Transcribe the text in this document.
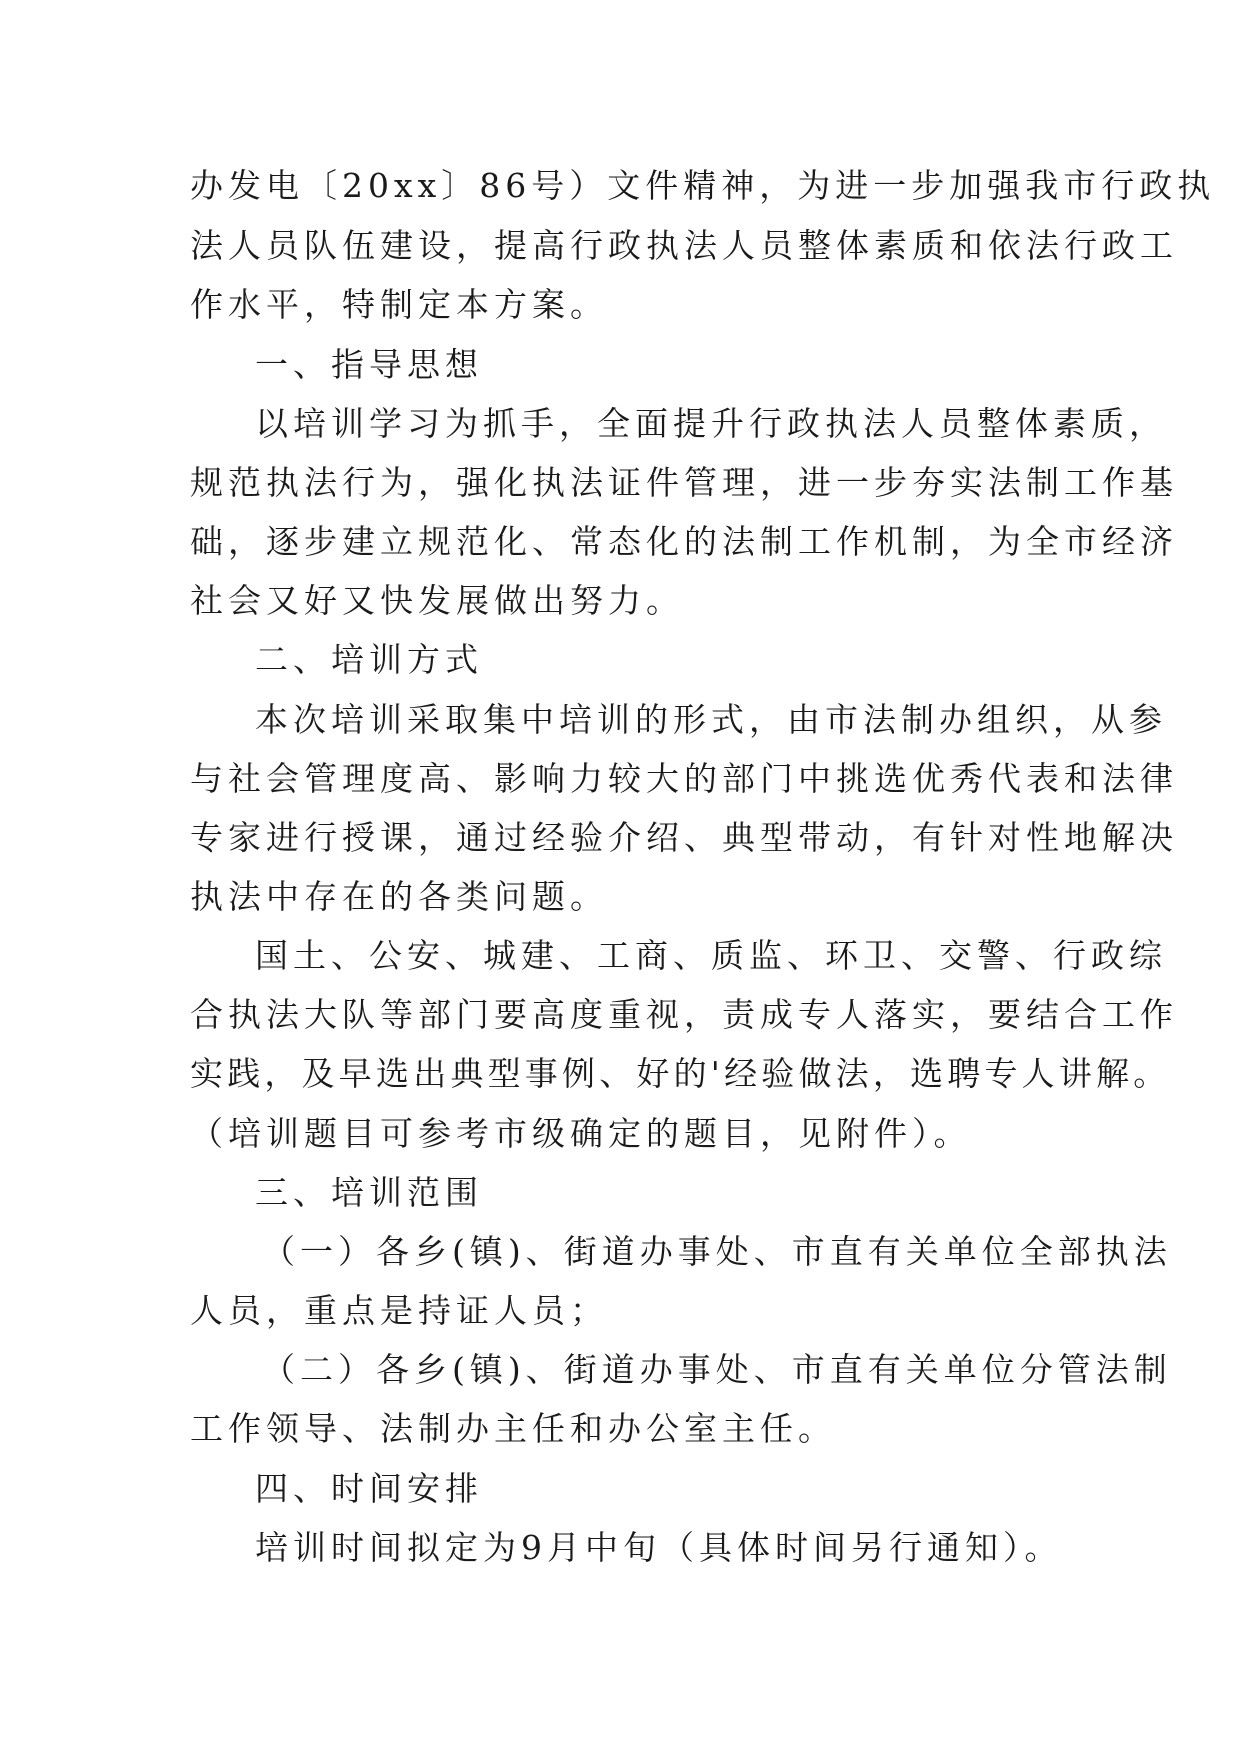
办发电〔20xx〕86号）文件精神，为进一步加强我市行政执
法人员队伍建设，提高行政执法人员整体素质和依法行政工
作水平，特制定本方案。
一、指导思想
以培训学习为抓手，全面提升行政执法人员整体素质，
规范执法行为，强化执法证件管理，进一步夯实法制工作基
础，逐步建立规范化、常态化的法制工作机制，为全市经济
社会又好又快发展做出努力。
二、培训方式
本次培训采取集中培训的形式，由市法制办组织，从参
与社会管理度高、影响力较大的部门中挑选优秀代表和法律
专家进行授课，通过经验介绍、典型带动，有针对性地解决
执法中存在的各类问题。
国土、公安、城建、工商、质监、环卫、交警、行政综
合执法大队等部门要高度重视，责成专人落实，要结合工作
实践，及早选出典型事例、好的'经验做法，选聘专人讲解。
（培训题目可参考市级确定的题目，见附件）。
三、培训范围
（一）各乡(镇)、街道办事处、市直有关单位全部执法
人员，重点是持证人员；
（二）各乡(镇)、街道办事处、市直有关单位分管法制
工作领导、法制办主任和办公室主任。
四、时间安排
培训时间拟定为9月中旬（具体时间另行通知）。
